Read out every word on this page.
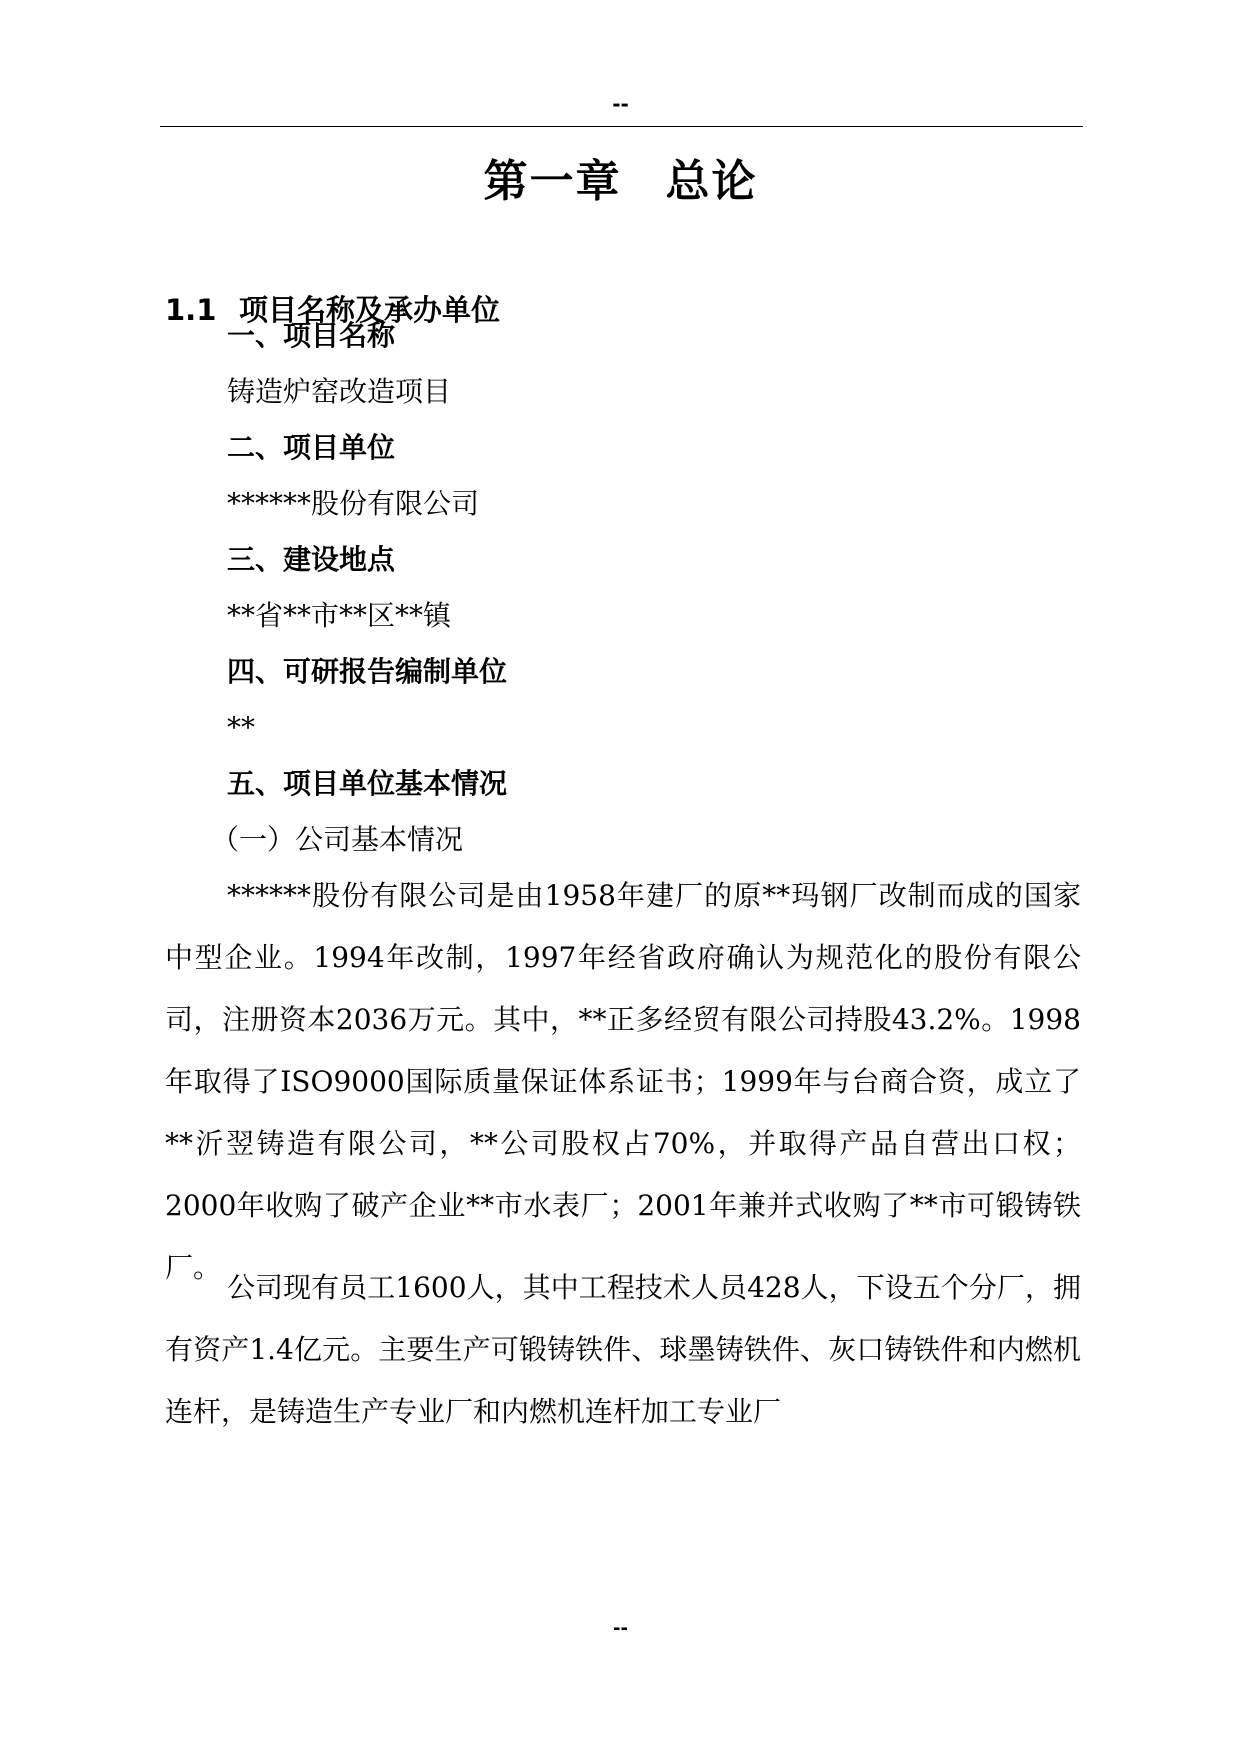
--
第一章 总论
1.1 项目名称及承办单位
一、项目名称
铸造炉窑改造项目
二、项目单位
******股份有限公司
三、建设地点
**省**市**区**镇
四、可研报告编制单位
**
五、项目单位基本情况
（一）公司基本情况
******股份有限公司是由1958年建厂的原**玛钢厂改制而成的国家中型企业。1994年改制，1997年经省政府确认为规范化的股份有限公司，注册资本2036万元。其中，**正多经贸有限公司持股43.2%。1998年取得了ISO9000国际质量保证体系证书；1999年与台商合资，成立了**沂翌铸造有限公司，**公司股权占70%，并取得产品自营出口权；2000年收购了破产企业**市水表厂；2001年兼并式收购了**市可锻铸铁厂。
公司现有员工1600人，其中工程技术人员428人，下设五个分厂，拥有资产1.4亿元。主要生产可锻铸铁件、球墨铸铁件、灰口铸铁件和内燃机连杆，是铸造生产专业厂和内燃机连杆加工专业厂
--
